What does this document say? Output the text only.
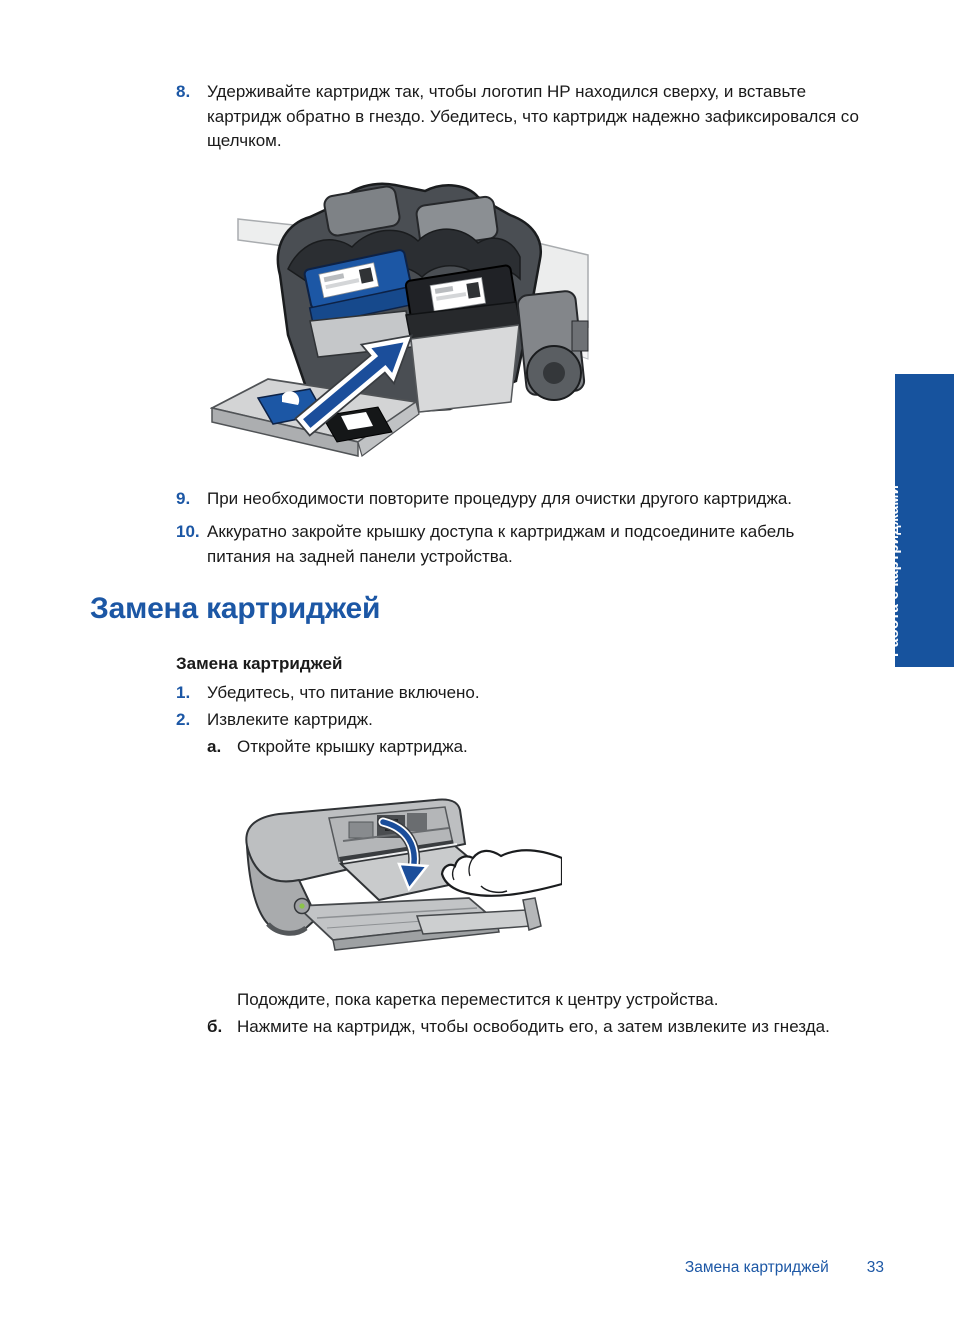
8. Удерживайте картридж так, чтобы логотип HP находился сверху, и вставьте картридж обратно в гнездо. Убедитесь, что картридж надежно зафиксировался со щелчком.
9. При необходимости повторите процедуру для очистки другого картриджа.
10. Аккуратно закройте крышку доступа к картриджам и подсоедините кабель питания на задней панели устройства.
Замена картриджей
Замена картриджей
1. Убедитесь, что питание включено.
2. Извлеките картридж.
а. Откройте крышку картриджа.
Подождите, пока каретка переместится к центру устройства.
б. Нажмите на картридж, чтобы освободить его, а затем извлеките из гнезда.
Работа с картриджами
Замена картриджей 33
